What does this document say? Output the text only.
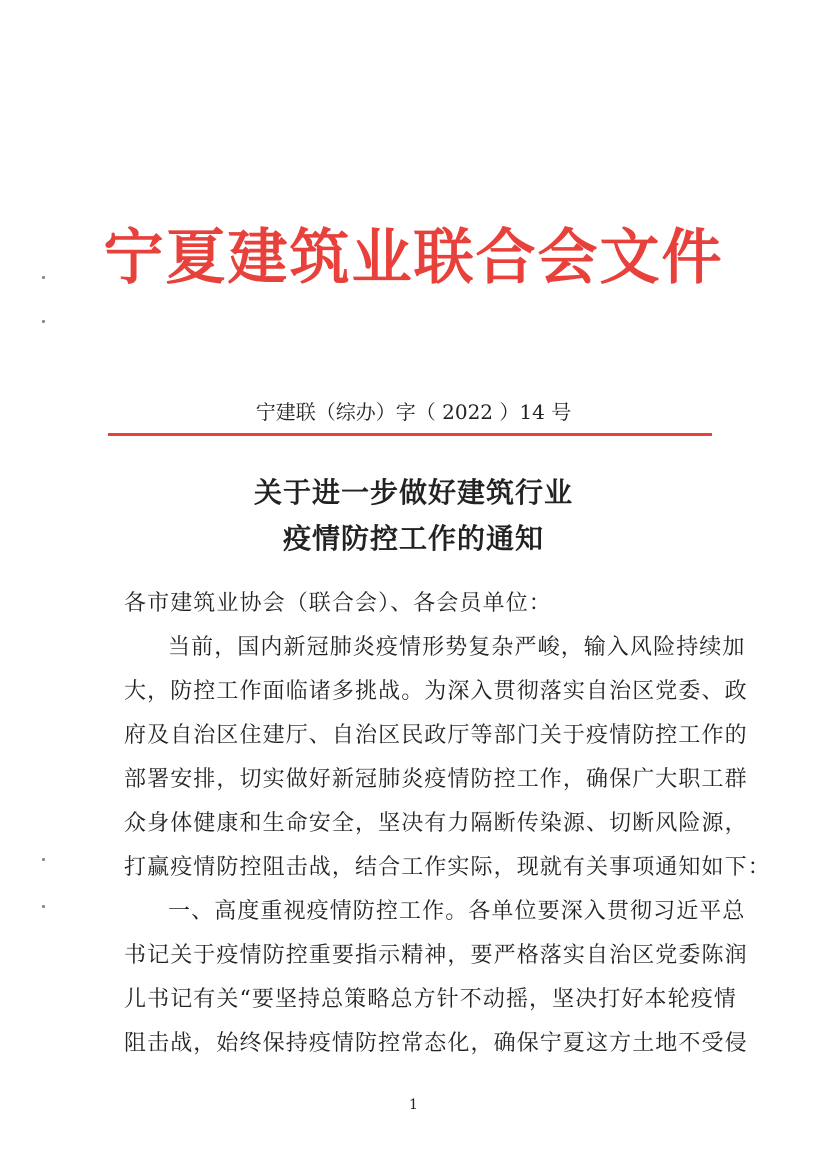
宁夏建筑业联合会文件
宁建联（综办）字（ 2022 ）14 号
关于进一步做好建筑行业
疫情防控工作的通知
各市建筑业协会（联合会）、各会员单位：
当前，国内新冠肺炎疫情形势复杂严峻，输入风险持续加
大，防控工作面临诸多挑战。为深入贯彻落实自治区党委、政
府及自治区住建厅、自治区民政厅等部门关于疫情防控工作的
部署安排，切实做好新冠肺炎疫情防控工作，确保广大职工群
众身体健康和生命安全，坚决有力隔断传染源、切断风险源，
打赢疫情防控阻击战，结合工作实际，现就有关事项通知如下：
一、高度重视疫情防控工作。各单位要深入贯彻习近平总
书记关于疫情防控重要指示精神，要严格落实自治区党委陈润
儿书记有关“要坚持总策略总方针不动摇，坚决打好本轮疫情
阻击战，始终保持疫情防控常态化，确保宁夏这方土地不受侵
1
